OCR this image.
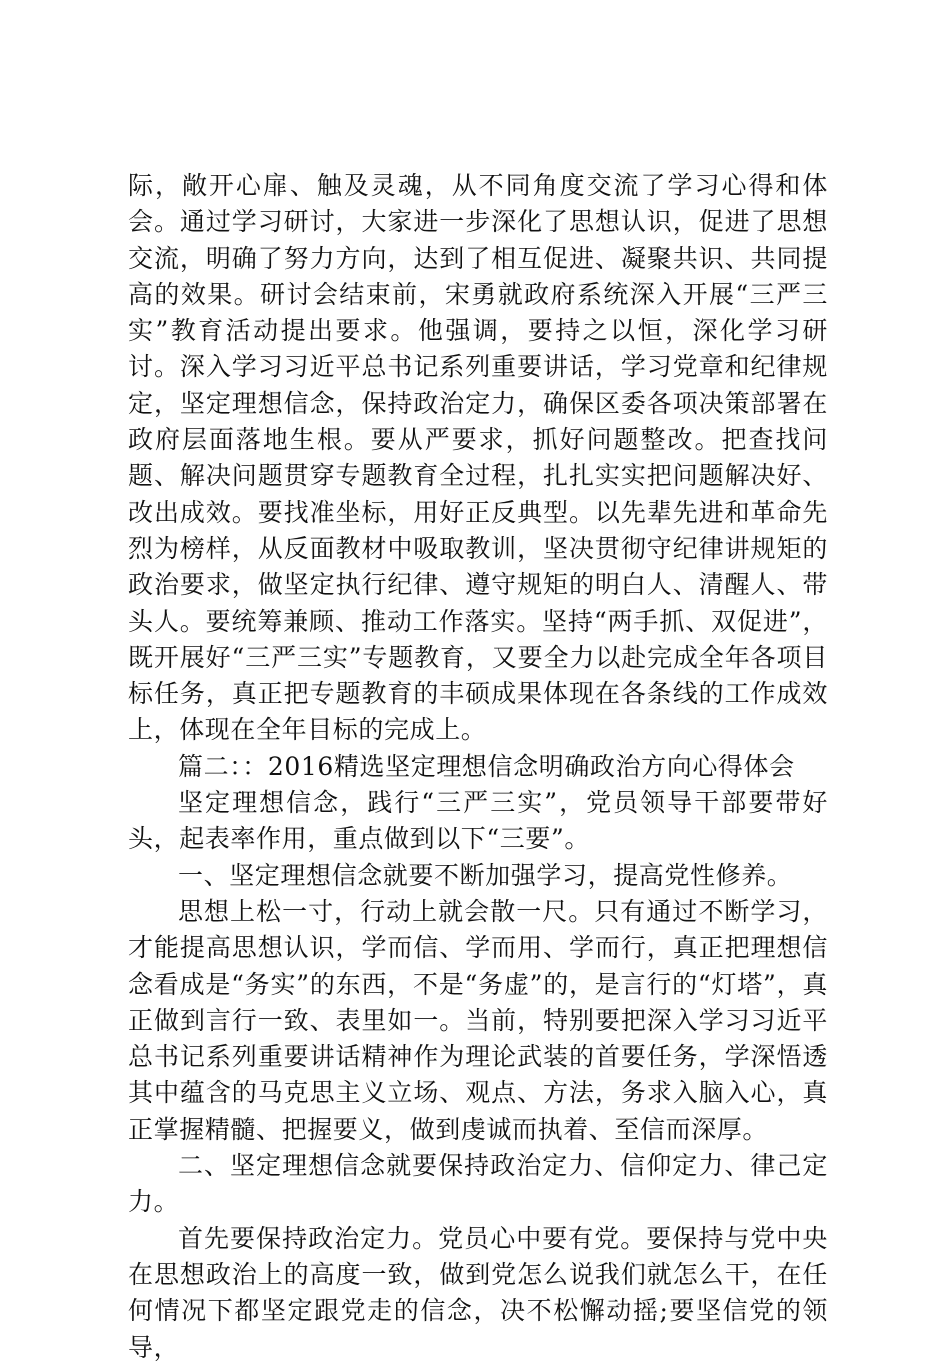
际，敞开心扉、触及灵魂，从不同角度交流了学习心得和体会。通过学习研讨，大家进一步深化了思想认识，促进了思想交流，明确了努力方向，达到了相互促进、凝聚共识、共同提高的效果。研讨会结束前，宋勇就政府系统深入开展“三严三实”教育活动提出要求。他强调，要持之以恒，深化学习研讨。深入学习习近平总书记系列重要讲话，学习党章和纪律规定，坚定理想信念，保持政治定力，确保区委各项决策部署在政府层面落地生根。要从严要求，抓好问题整改。把查找问题、解决问题贯穿专题教育全过程，扎扎实实把问题解决好、改出成效。要找准坐标，用好正反典型。以先辈先进和革命先烈为榜样，从反面教材中吸取教训，坚决贯彻守纪律讲规矩的政治要求，做坚定执行纪律、遵守规矩的明白人、清醒人、带头人。要统筹兼顾、推动工作落实。坚持“两手抓、双促进”，既开展好“三严三实”专题教育，又要全力以赴完成全年各项目标任务，真正把专题教育的丰硕成果体现在各条线的工作成效上，体现在全年目标的完成上。

篇二：：2016精选坚定理想信念明确政治方向心得体会

坚定理想信念，践行“三严三实”，党员领导干部要带好头，起表率作用，重点做到以下“三要”。

一、坚定理想信念就要不断加强学习，提高党性修养。

思想上松一寸，行动上就会散一尺。只有通过不断学习，才能提高思想认识，学而信、学而用、学而行，真正把理想信念看成是“务实”的东西，不是“务虚”的，是言行的“灯塔”，真正做到言行一致、表里如一。当前，特别要把深入学习习近平总书记系列重要讲话精神作为理论武装的首要任务，学深悟透其中蕴含的马克思主义立场、观点、方法，务求入脑入心，真正掌握精髓、把握要义，做到虔诚而执着、至信而深厚。

二、坚定理想信念就要保持政治定力、信仰定力、律己定力。

首先要保持政治定力。党员心中要有党。要保持与党中央在思想政治上的高度一致，做到党怎么说我们就怎么干，在任何情况下都坚定跟党走的信念，决不松懈动摇;要坚信党的领导，
